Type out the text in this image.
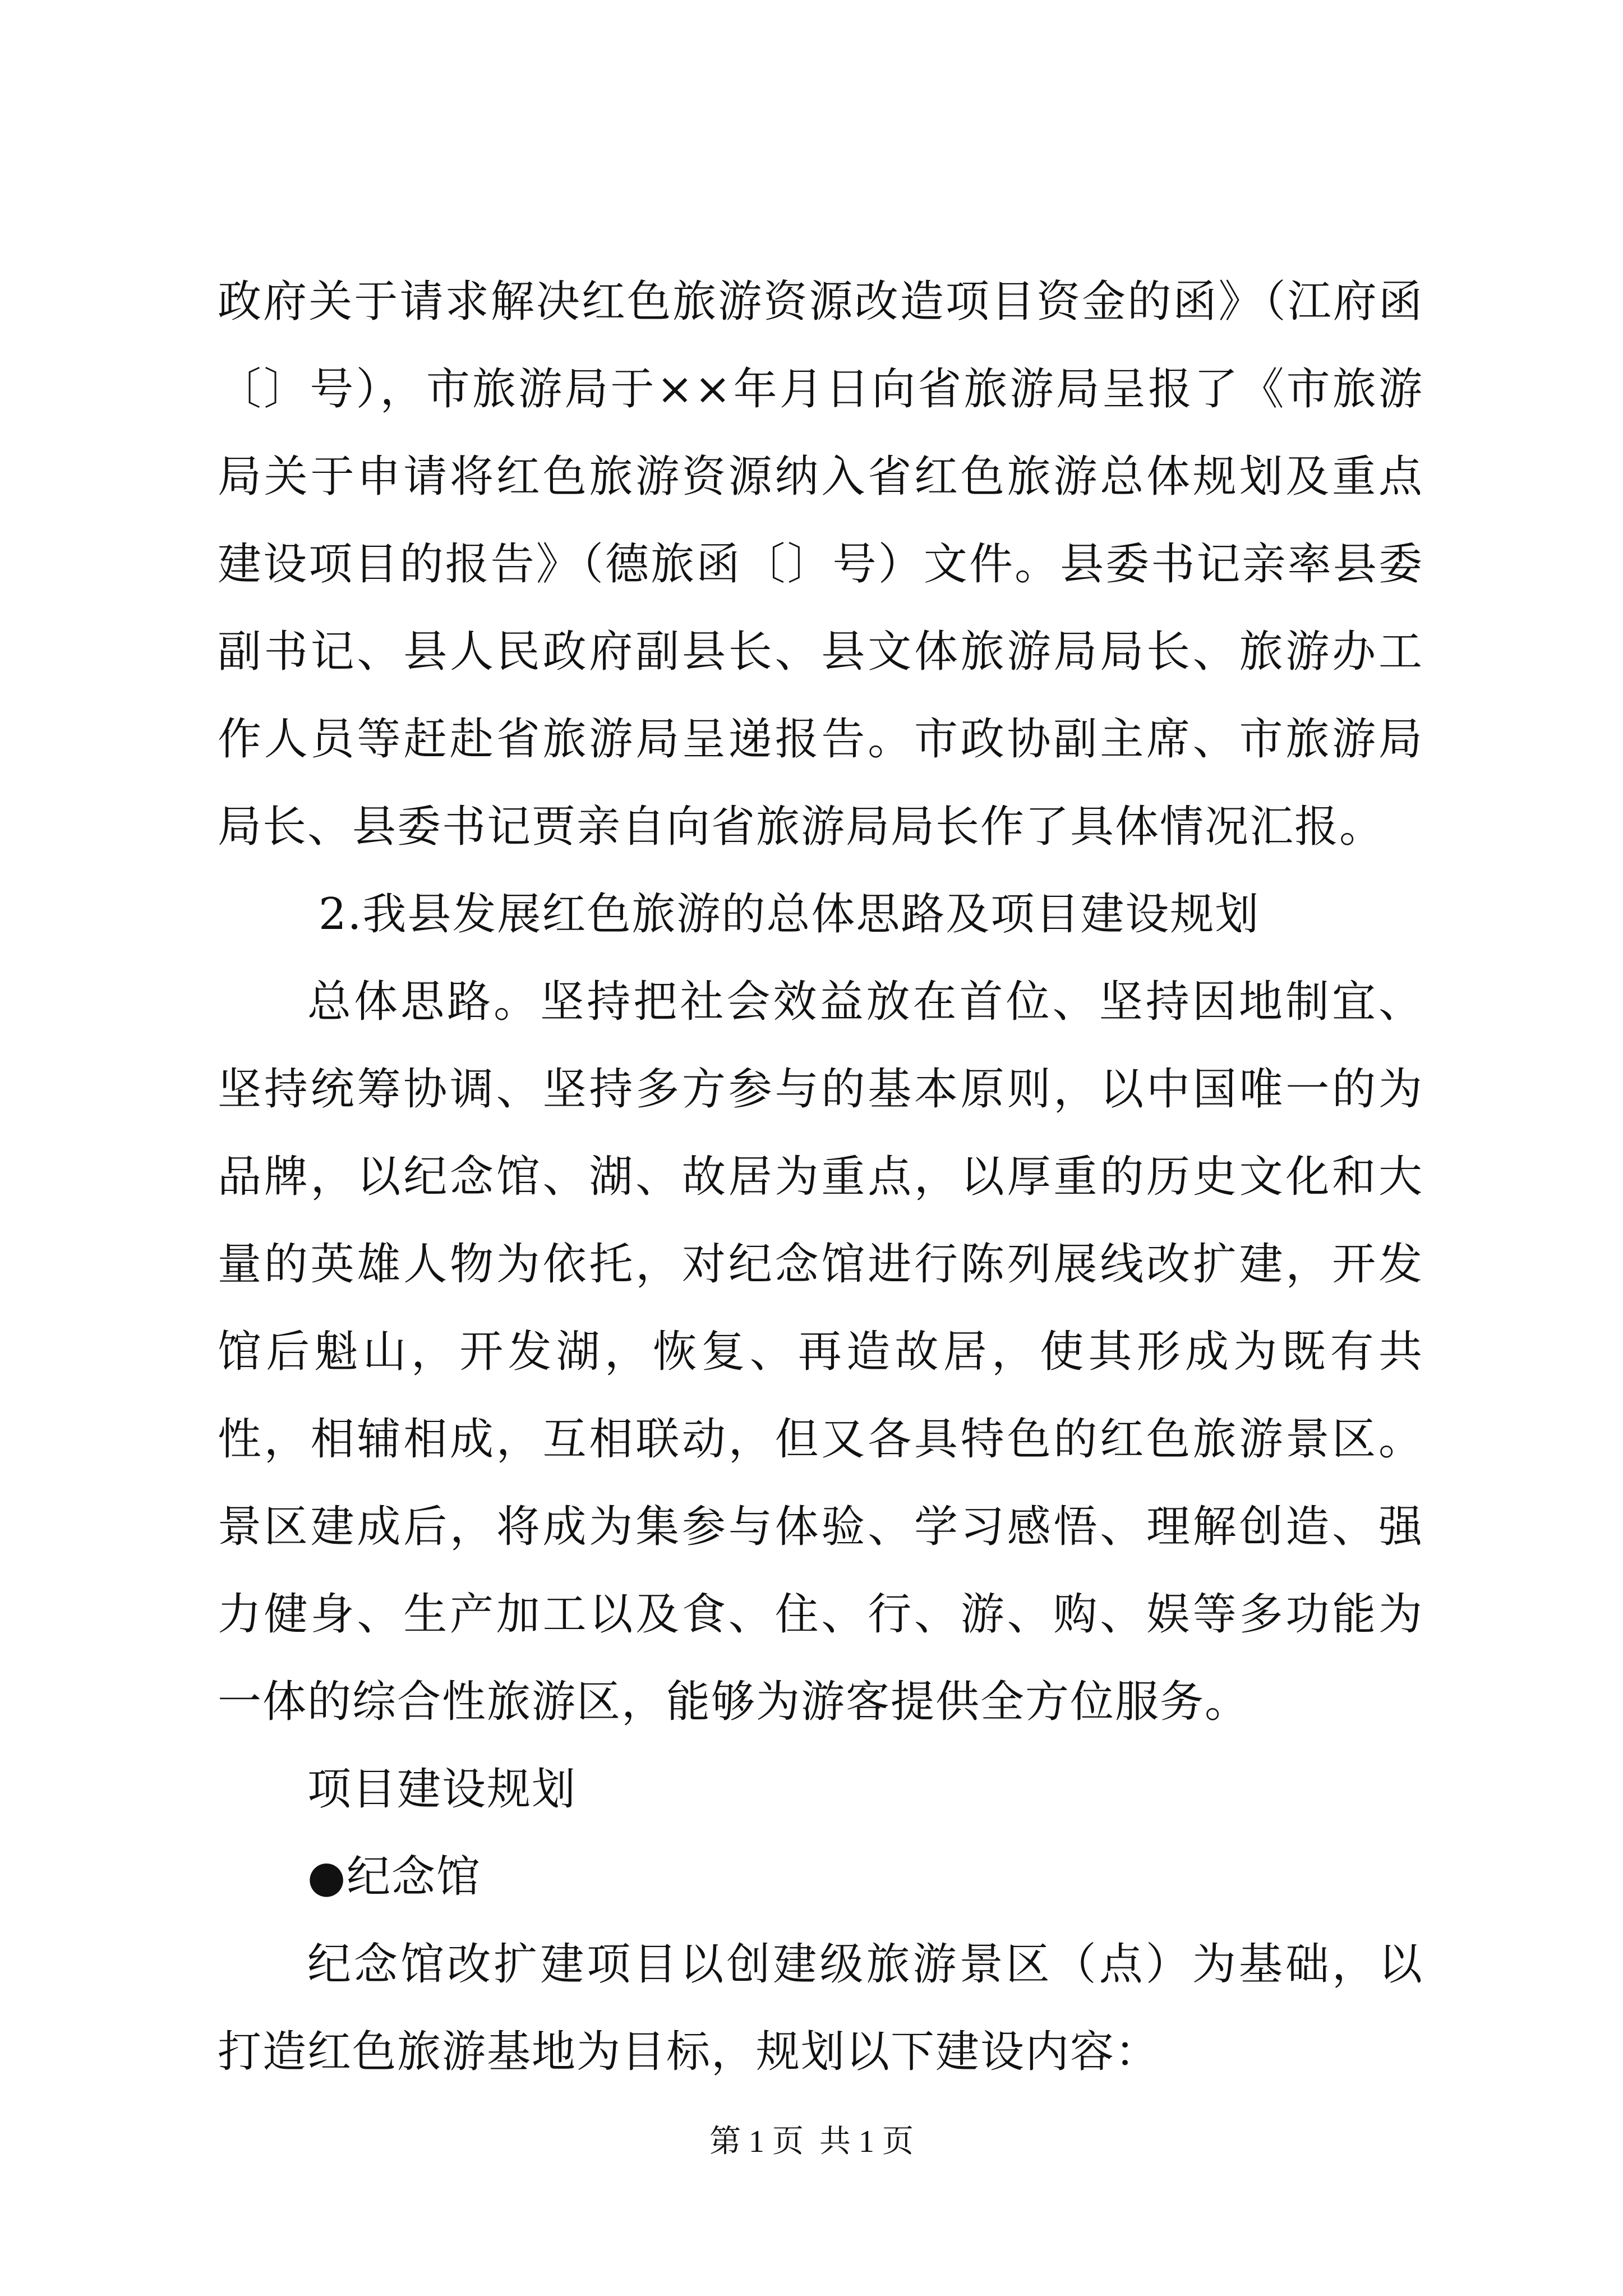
政府关于请求解决红色旅游资源改造项目资金的函》（江府函〔〕号），市旅游局于××年月日向省旅游局呈报了《市旅游局关于申请将红色旅游资源纳入省红色旅游总体规划及重点建设项目的报告》（德旅函〔〕号）文件。县委书记亲率县委副书记、县人民政府副县长、县文体旅游局局长、旅游办工作人员等赶赴省旅游局呈递报告。市政协副主席、市旅游局局长、县委书记贾亲自向省旅游局局长作了具体情况汇报。

2.我县发展红色旅游的总体思路及项目建设规划

总体思路。坚持把社会效益放在首位、坚持因地制宜、坚持统筹协调、坚持多方参与的基本原则，以中国唯一的为品牌，以纪念馆、湖、故居为重点，以厚重的历史文化和大量的英雄人物为依托，对纪念馆进行陈列展线改扩建，开发馆后魁山，开发湖，恢复、再造故居，使其形成为既有共性，相辅相成，互相联动，但又各具特色的红色旅游景区。景区建成后，将成为集参与体验、学习感悟、理解创造、强力健身、生产加工以及食、住、行、游、购、娱等多功能为一体的综合性旅游区，能够为游客提供全方位服务。

项目建设规划

●纪念馆

纪念馆改扩建项目以创建级旅游景区（点）为基础，以打造红色旅游基地为目标，规划以下建设内容：

第 1 页  共 1 页
